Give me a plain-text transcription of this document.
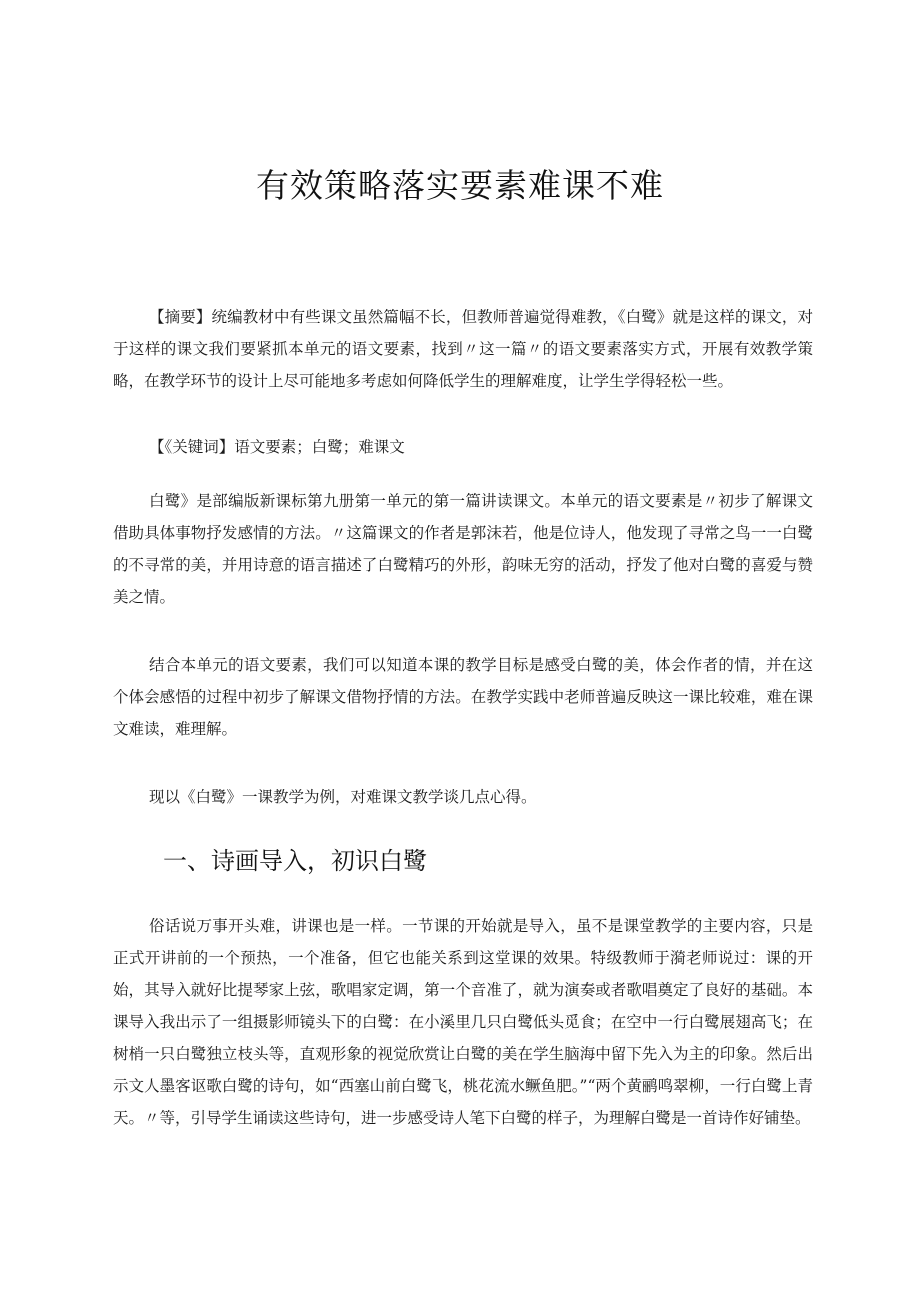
有效策略落实要素难课不难

【摘要】统编教材中有些课文虽然篇幅不长，但教师普遍觉得难教，《白鹭》就是这样的课文，对于这样的课文我们要紧抓本单元的语文要素，找到〃这一篇〃的语文要素落实方式，开展有效教学策略，在教学环节的设计上尽可能地多考虑如何降低学生的理解难度，让学生学得轻松一些。

【《关键词】语文要素；白鹭；难课文

白鹭》是部编版新课标第九册第一单元的第一篇讲读课文。本单元的语文要素是〃初步了解课文借助具体事物抒发感情的方法。〃这篇课文的作者是郭沫若，他是位诗人，他发现了寻常之鸟一一白鹭的不寻常的美，并用诗意的语言描述了白鹭精巧的外形，韵味无穷的活动，抒发了他对白鹭的喜爱与赞美之情。

结合本单元的语文要素，我们可以知道本课的教学目标是感受白鹭的美，体会作者的情，并在这个体会感悟的过程中初步了解课文借物抒情的方法。在教学实践中老师普遍反映这一课比较难，难在课文难读，难理解。

现以《白鹭》一课教学为例，对难课文教学谈几点心得。

一、诗画导入，初识白鹭

俗话说万事开头难，讲课也是一样。一节课的开始就是导入，虽不是课堂教学的主要内容，只是正式开讲前的一个预热，一个准备，但它也能关系到这堂课的效果。特级教师于漪老师说过：课的开始，其导入就好比提琴家上弦，歌唱家定调，第一个音准了，就为演奏或者歌唱奠定了良好的基础。本课导入我出示了一组摄影师镜头下的白鹭：在小溪里几只白鹭低头觅食；在空中一行白鹭展翅高飞；在树梢一只白鹭独立枝头等，直观形象的视觉欣赏让白鹭的美在学生脑海中留下先入为主的印象。然后出示文人墨客讴歌白鹭的诗句，如“西塞山前白鹭飞，桃花流水鳜鱼肥。”“两个黄鹂鸣翠柳，一行白鹭上青天。〃等，引导学生诵读这些诗句，进一步感受诗人笔下白鹭的样子，为理解白鹭是一首诗作好铺垫。
